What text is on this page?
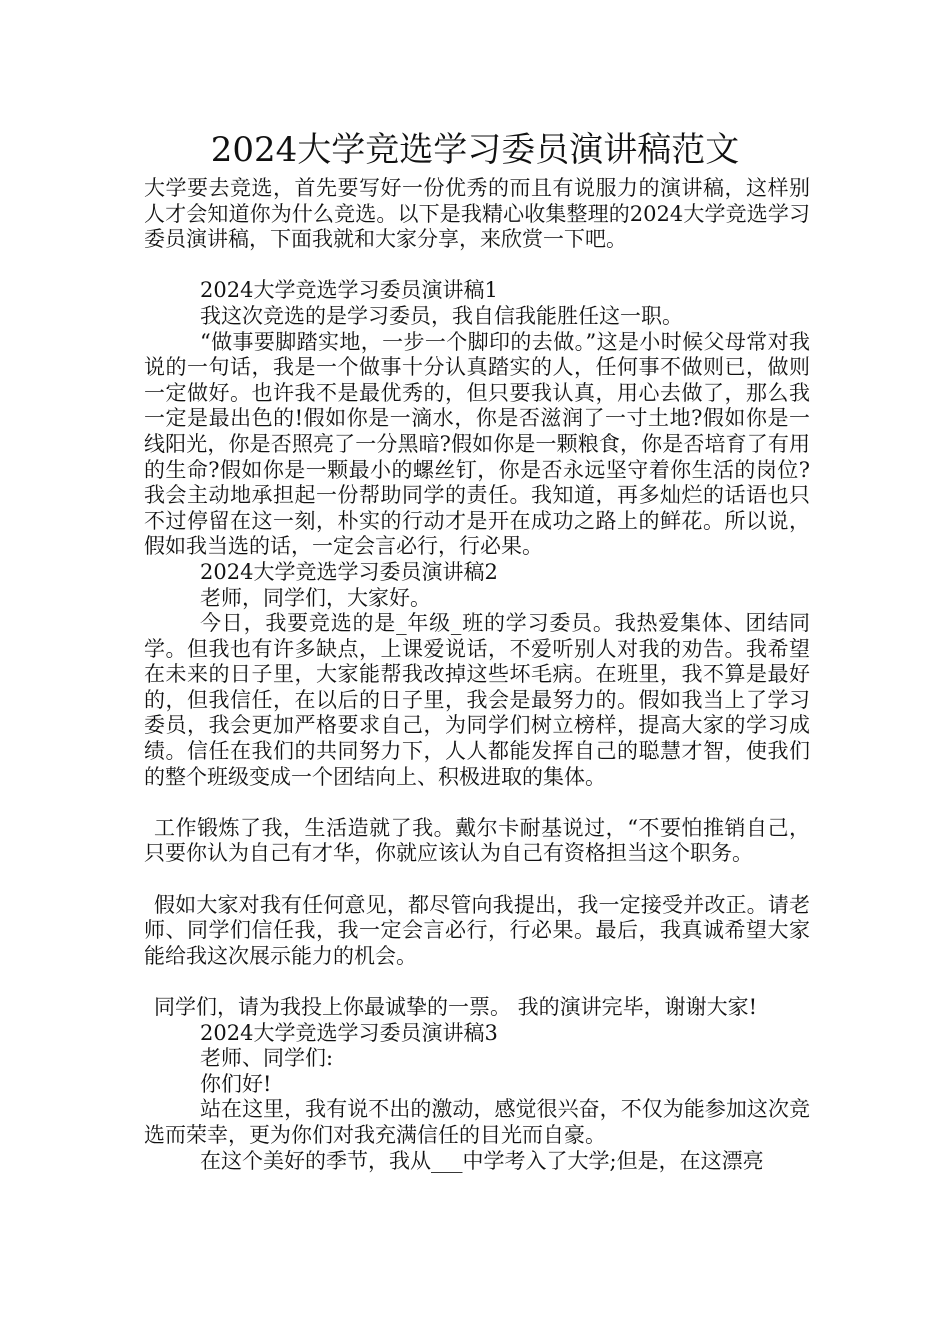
2024大学竞选学习委员演讲稿范文

大学要去竞选，首先要写好一份优秀的而且有说服力的演讲稿，这样别人才会知道你为什么竞选。以下是我精心收集整理的2024大学竞选学习委员演讲稿，下面我就和大家分享，来欣赏一下吧。

2024大学竞选学习委员演讲稿1

我这次竞选的是学习委员，我自信我能胜任这一职。

“做事要脚踏实地，一步一个脚印的去做。”这是小时候父母常对我说的一句话，我是一个做事十分认真踏实的人，任何事不做则已，做则一定做好。也许我不是最优秀的，但只要我认真，用心去做了，那么我一定是最出色的!假如你是一滴水，你是否滋润了一寸土地?假如你是一线阳光，你是否照亮了一分黑暗?假如你是一颗粮食，你是否培育了有用的生命?假如你是一颗最小的螺丝钉，你是否永远坚守着你生活的岗位?我会主动地承担起一份帮助同学的责任。我知道，再多灿烂的话语也只不过停留在这一刻，朴实的行动才是开在成功之路上的鲜花。所以说，假如我当选的话，一定会言必行，行必果。

2024大学竞选学习委员演讲稿2

老师，同学们，大家好。

今日，我要竞选的是_年级_班的学习委员。我热爱集体、团结同学。但我也有许多缺点，上课爱说话，不爱听别人对我的劝告。我希望在未来的日子里，大家能帮我改掉这些坏毛病。在班里，我不算是最好的，但我信任，在以后的日子里，我会是最努力的。假如我当上了学习委员，我会更加严格要求自己，为同学们树立榜样，提高大家的学习成绩。信任在我们的共同努力下，人人都能发挥自己的聪慧才智，使我们的整个班级变成一个团结向上、积极进取的集体。

工作锻炼了我，生活造就了我。戴尔卡耐基说过，“不要怕推销自己，只要你认为自己有才华，你就应该认为自己有资格担当这个职务。

假如大家对我有任何意见，都尽管向我提出，我一定接受并改正。请老师、同学们信任我，我一定会言必行，行必果。最后，我真诚希望大家能给我这次展示能力的机会。

同学们，请为我投上你最诚挚的一票。 我的演讲完毕，谢谢大家!

2024大学竞选学习委员演讲稿3

老师、同学们:

你们好!

站在这里，我有说不出的激动，感觉很兴奋，不仅为能参加这次竞选而荣幸，更为你们对我充满信任的目光而自豪。

在这个美好的季节，我从___中学考入了大学;但是，在这漂亮
